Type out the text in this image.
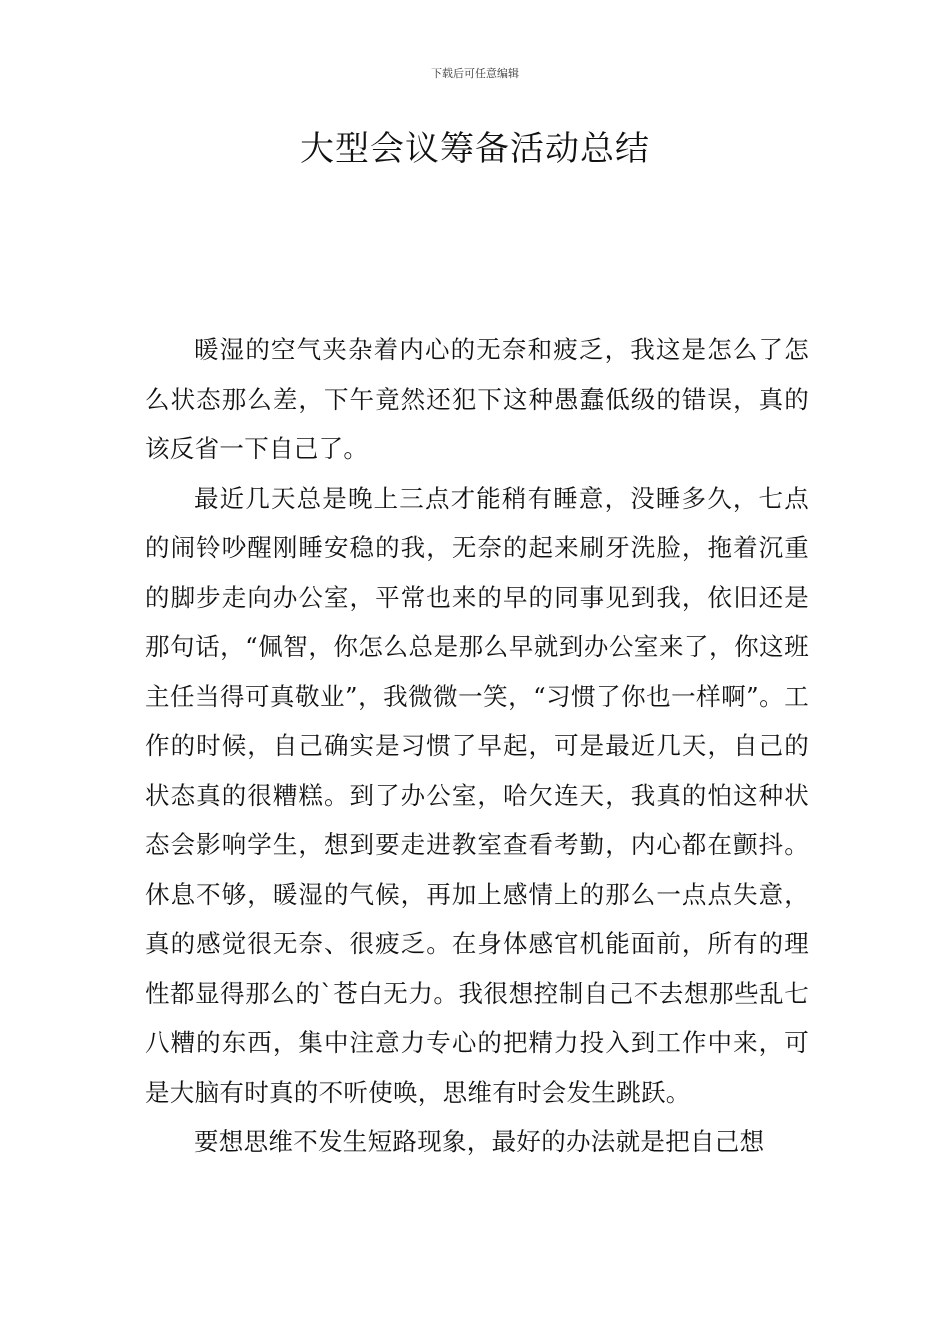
下载后可任意编辑
大型会议筹备活动总结

暖湿的空气夹杂着内心的无奈和疲乏，我这是怎么了怎么状态那么差，下午竟然还犯下这种愚蠢低级的错误，真的该反省一下自己了。

最近几天总是晚上三点才能稍有睡意，没睡多久，七点的闹铃吵醒刚睡安稳的我，无奈的起来刷牙洗脸，拖着沉重的脚步走向办公室，平常也来的早的同事见到我，依旧还是那句话，“佩智，你怎么总是那么早就到办公室来了，你这班主任当得可真敬业”，我微微一笑，“习惯了你也一样啊”。工作的时候，自己确实是习惯了早起，可是最近几天，自己的状态真的很糟糕。到了办公室，哈欠连天，我真的怕这种状态会影响学生，想到要走进教室查看考勤，内心都在颤抖。休息不够，暖湿的气候，再加上感情上的那么一点点失意，真的感觉很无奈、很疲乏。在身体感官机能面前，所有的理性都显得那么的`苍白无力。我很想控制自己不去想那些乱七八糟的东西，集中注意力专心的把精力投入到工作中来，可是大脑有时真的不听使唤，思维有时会发生跳跃。

要想思维不发生短路现象，最好的办法就是把自己想
